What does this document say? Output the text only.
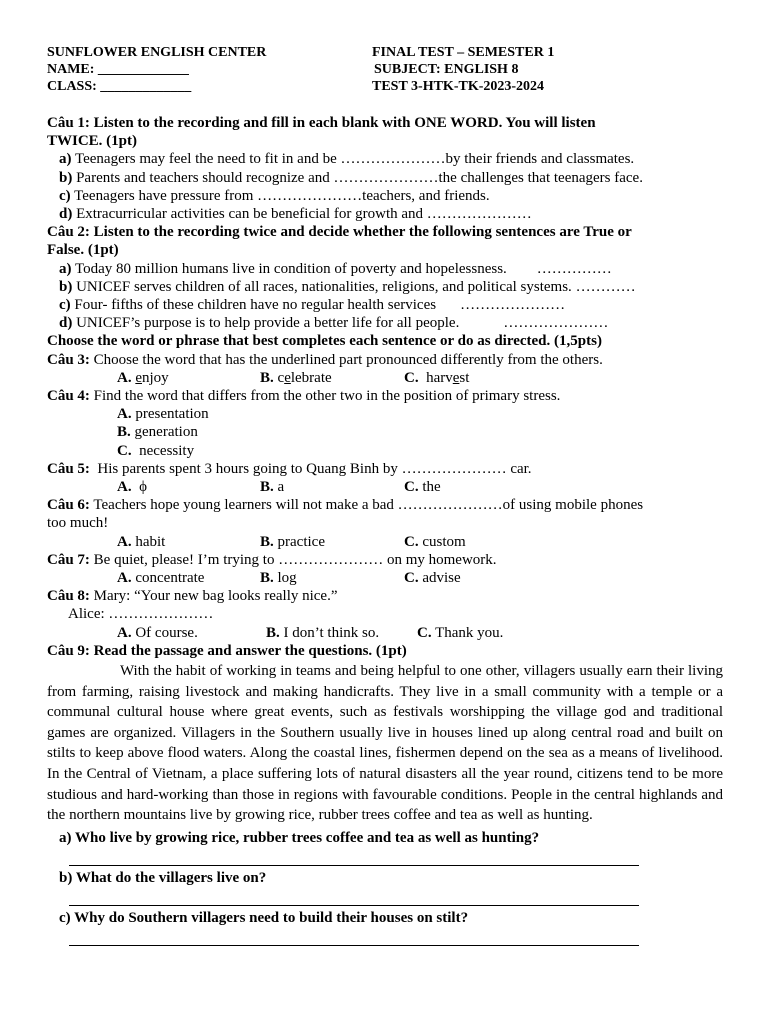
SUNFLOWER ENGLISH CENTER
NAME: _____________
CLASS: _____________
FINAL TEST – SEMESTER 1
SUBJECT: ENGLISH 8
TEST 3-HTK-TK-2023-2024
Câu 1: Listen to the recording and fill in each blank with ONE WORD. You will listen
TWICE. (1pt)
a) Teenagers may feel the need to fit in and be …………………by their friends and classmates.
b) Parents and teachers should recognize and …………………the challenges that teenagers face.
c) Teenagers have pressure from …………………teachers, and friends.
d) Extracurricular activities can be beneficial for growth and …………………
Câu 2: Listen to the recording twice and decide whether the following sentences are True or
False. (1pt)
a) Today 80 million humans live in condition of poverty and hopelessness. ……………
b) UNICEF serves children of all races, nationalities, religions, and political systems. …………
c) Four- fifths of these children have no regular health services …………………
d) UNICEF’s purpose is to help provide a better life for all people.	…………………
Choose the word or phrase that best completes each sentence or do as directed. (1,5pts)
Câu 3: Choose the word that has the underlined part pronounced differently from the others.
A. enjoy	B. celebrate	C. harvest
Câu 4: Find the word that differs from the other two in the position of primary stress.
A. presentation
B. generation
C. necessity
Câu 5: His parents spent 3 hours going to Quang Binh by ………………… car.
A. ϕ	B. a	C. the
Câu 6: Teachers hope young learners will not make a bad …………………of using mobile phones
too much!
A. habit	B. practice	C. custom
Câu 7: Be quiet, please! I’m trying to ………………… on my homework.
A. concentrate	B. log	C. advise
Câu 8: Mary: “Your new bag looks really nice.”
Alice: …………………
A. Of course.	B. I don’t think so.	C. Thank you.
Câu 9: Read the passage and answer the questions. (1pt)
With the habit of working in teams and being helpful to one other, villagers usually earn their living from farming, raising livestock and making handicrafts. They live in a small community with a temple or a communal cultural house where great events, such as festivals worshipping the village god and traditional games are organized. Villagers in the Southern usually live in houses lined up along central road and built on stilts to keep above flood waters. Along the coastal lines, fishermen depend on the sea as a means of livelihood. In the Central of Vietnam, a place suffering lots of natural disasters all the year round, citizens tend to be more studious and hard-working than those in regions with favourable conditions. People in the central highlands and the northern mountains live by growing rice, rubber trees coffee and tea as well as hunting.
a) Who live by growing rice, rubber trees coffee and tea as well as hunting?
b) What do the villagers live on?
c) Why do Southern villagers need to build their houses on stilt?
